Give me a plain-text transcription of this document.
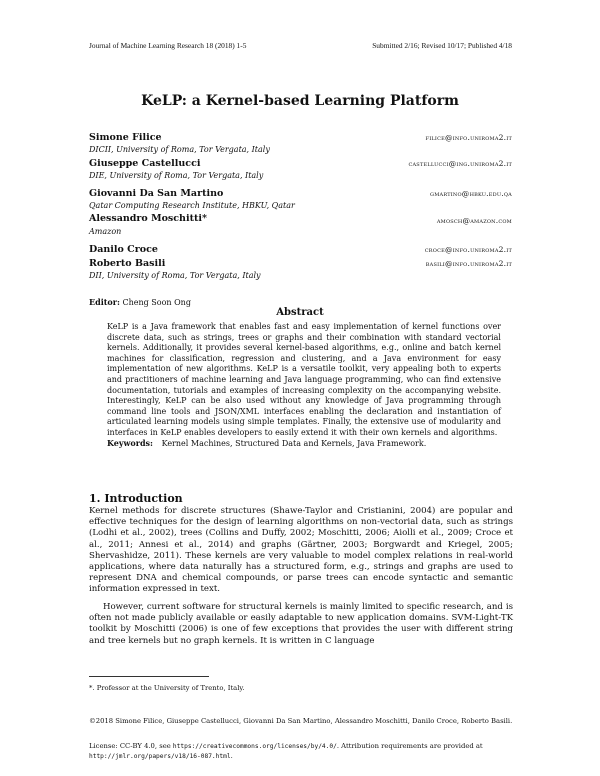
Journal of Machine Learning Research 18 (2018) 1-5	Submitted 2/16; Revised 10/17; Published 4/18
KeLP: a Kernel-based Learning Platform
Simone Filice	filice@info.uniroma2.it
DICII, University of Roma, Tor Vergata, Italy
Giuseppe Castellucci	castellucci@ing.uniroma2.it
DIE, University of Roma, Tor Vergata, Italy
Giovanni Da San Martino	gmartino@hbku.edu.qa
Qatar Computing Research Institute, HBKU, Qatar
Alessandro Moschitti*	amosch@amazon.com
Amazon
Danilo Croce	croce@info.uniroma2.it
Roberto Basili	basili@info.uniroma2.it
DII, University of Roma, Tor Vergata, Italy
Editor: Cheng Soon Ong
Abstract
KeLP is a Java framework that enables fast and easy implementation of kernel functions over discrete data, such as strings, trees or graphs and their combination with standard vectorial kernels. Additionally, it provides several kernel-based algorithms, e.g., online and batch kernel machines for classification, regression and clustering, and a Java environment for easy implementation of new algorithms. KeLP is a versatile toolkit, very appealing both to experts and practitioners of machine learning and Java language programming, who can find extensive documentation, tutorials and examples of increasing complexity on the accompanying website. Interestingly, KeLP can be also used without any knowledge of Java programming through command line tools and JSON/XML interfaces enabling the declaration and instantiation of articulated learning models using simple templates. Finally, the extensive use of modularity and interfaces in KeLP enables developers to easily extend it with their own kernels and algorithms.
Keywords: Kernel Machines, Structured Data and Kernels, Java Framework.
1. Introduction
Kernel methods for discrete structures (Shawe-Taylor and Cristianini, 2004) are popular and effective techniques for the design of learning algorithms on non-vectorial data, such as strings (Lodhi et al., 2002), trees (Collins and Duffy, 2002; Moschitti, 2006; Aiolli et al., 2009; Croce et al., 2011; Annesi et al., 2014) and graphs (Gärtner, 2003; Borgwardt and Kriegel, 2005; Shervashidze, 2011). These kernels are very valuable to model complex relations in real-world applications, where data naturally has a structured form, e.g., strings and graphs are used to represent DNA and chemical compounds, or parse trees can encode syntactic and semantic information expressed in text.
However, current software for structural kernels is mainly limited to specific research, and is often not made publicly available or easily adaptable to new application domains. SVM-Light-TK toolkit by Moschitti (2006) is one of few exceptions that provides the user with different string and tree kernels but no graph kernels. It is written in C language
*. Professor at the University of Trento, Italy.
©2018 Simone Filice, Giuseppe Castellucci, Giovanni Da San Martino, Alessandro Moschitti, Danilo Croce, Roberto Basili.
License: CC-BY 4.0, see https://creativecommons.org/licenses/by/4.0/. Attribution requirements are provided at http://jmlr.org/papers/v18/16-087.html.
